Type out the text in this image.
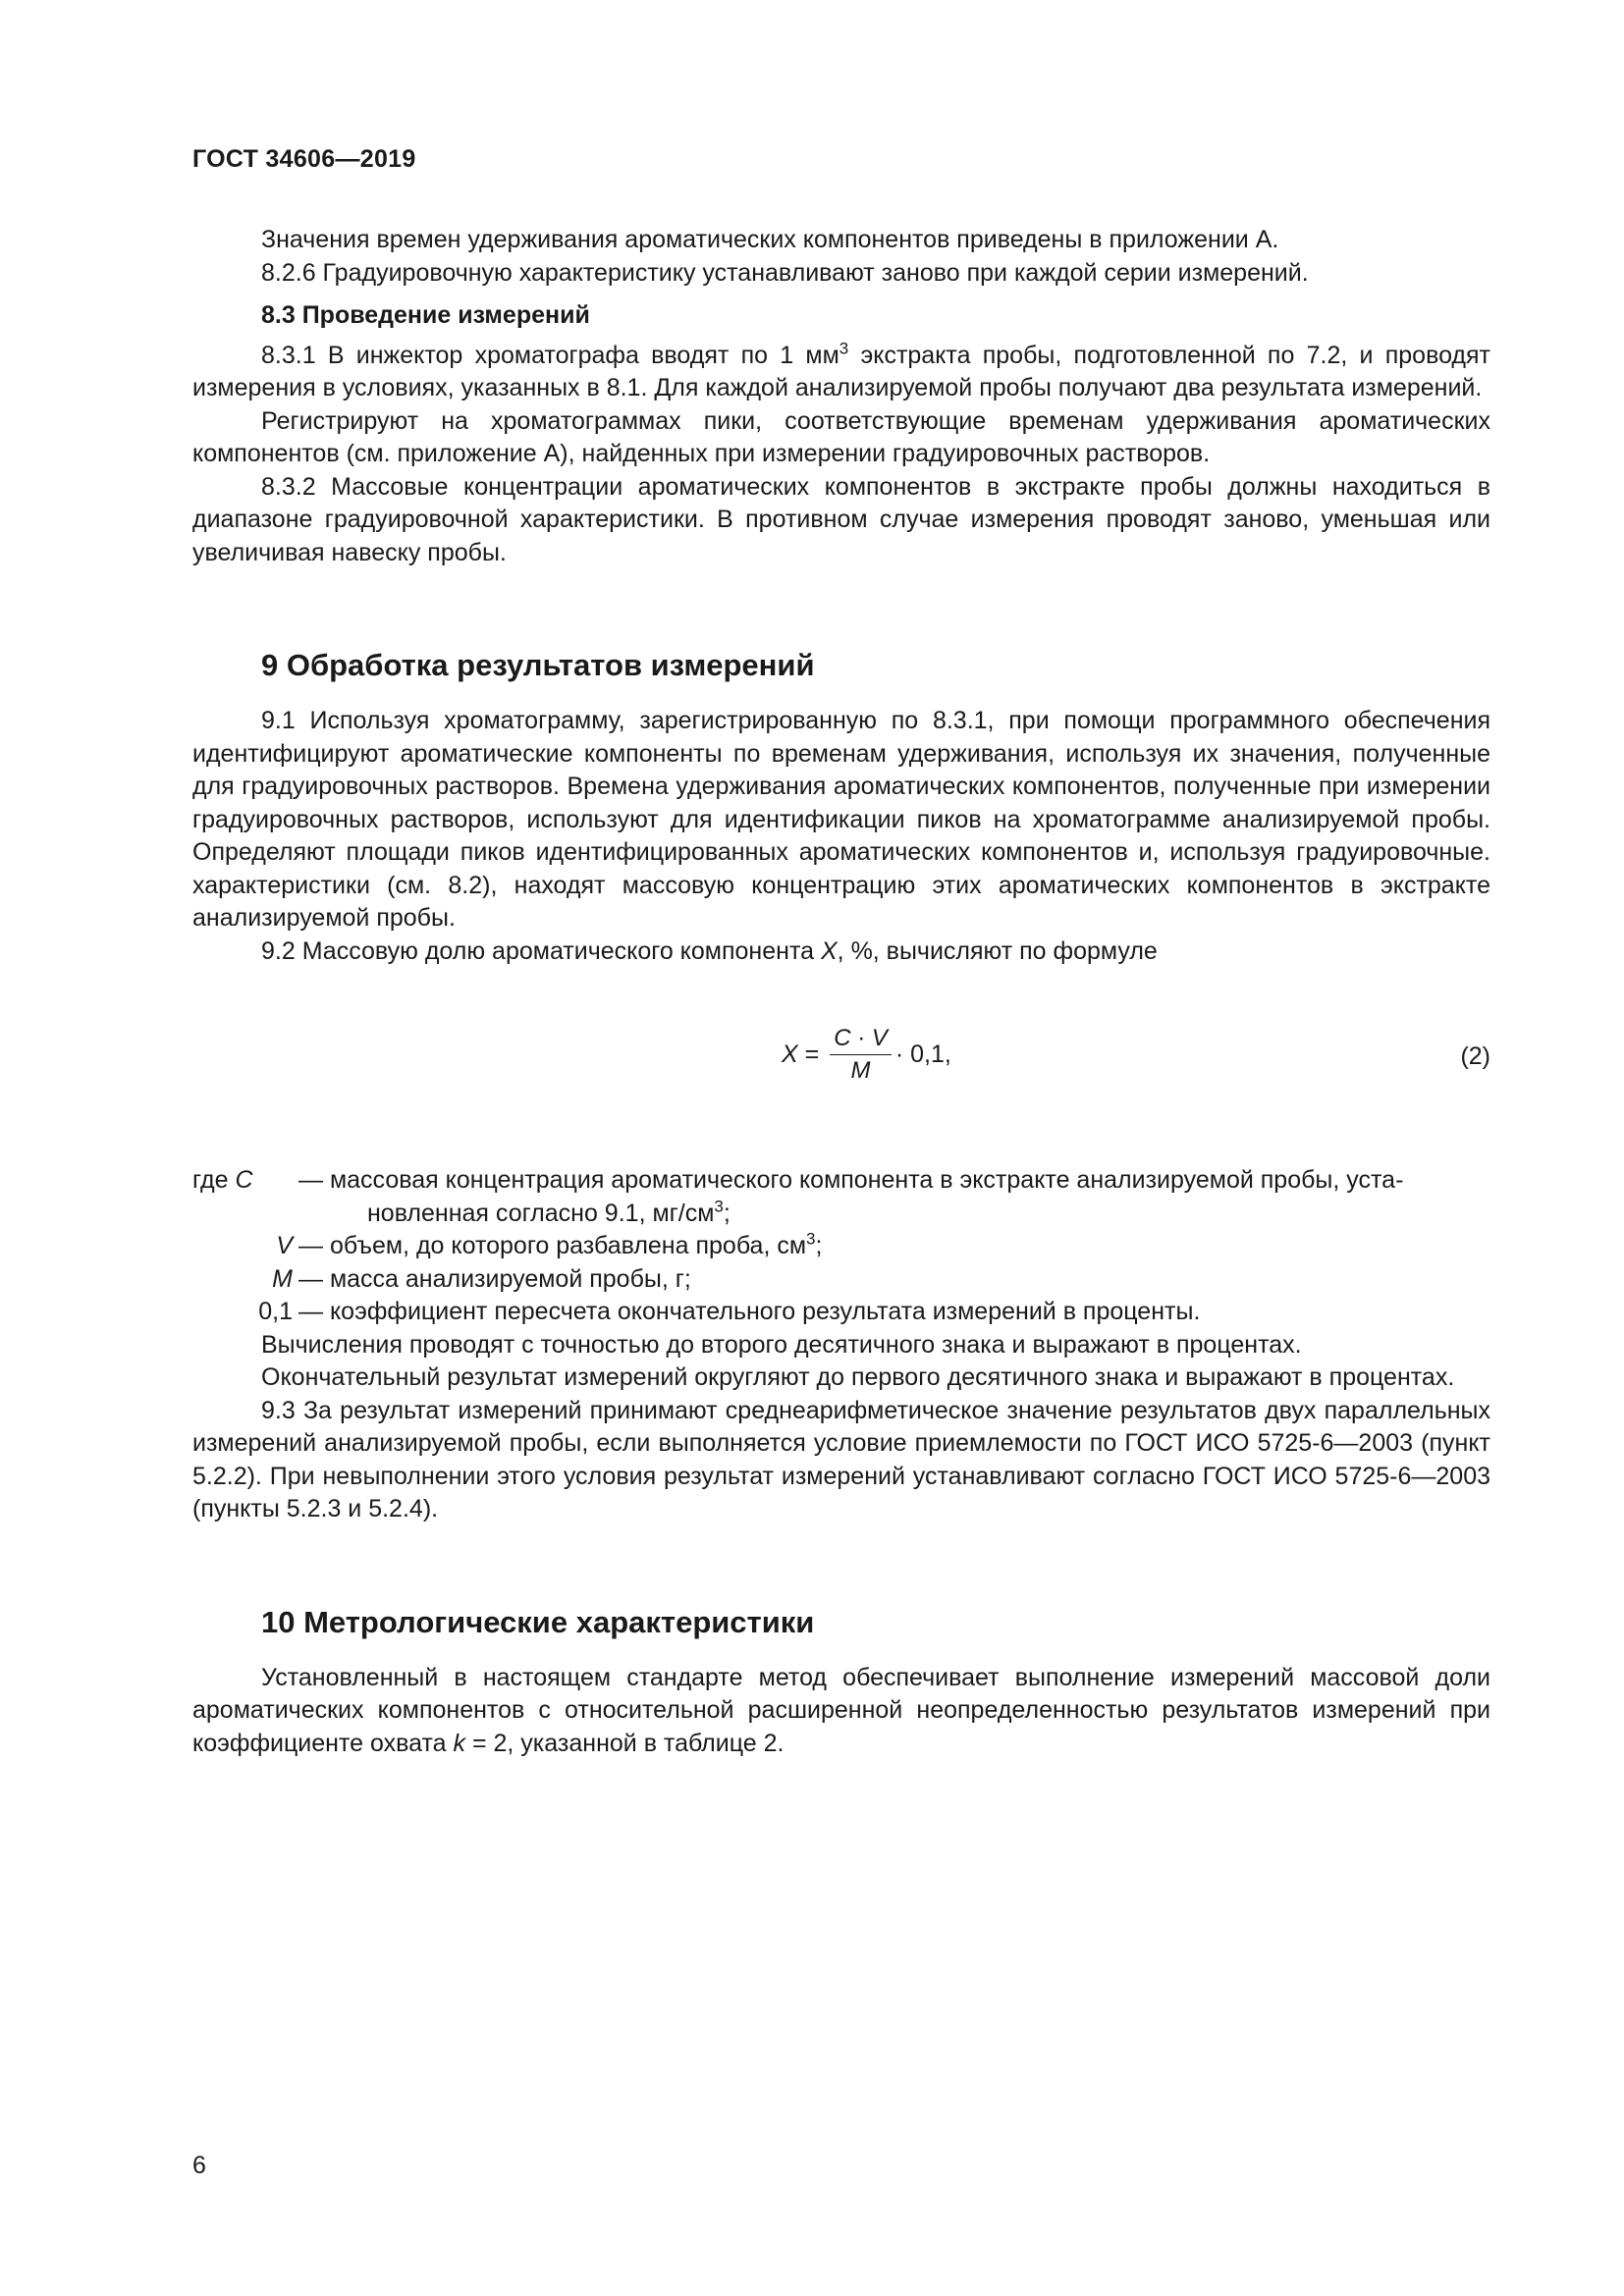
ГОСТ 34606—2019

Значения времен удерживания ароматических компонентов приведены в приложении А.

8.2.6 Градуировочную характеристику устанавливают заново при каждой серии измерений.

8.3 Проведение измерений

8.3.1 В инжектор хроматографа вводят по 1 $мм^3$ экстракта пробы, подготовленной по 7.2, и проводят измерения в условиях, указанных в 8.1. Для каждой анализируемой пробы получают два результата измерений.

Регистрируют на хроматограммах пики, соответствующие временам удерживания ароматических компонентов (см. приложение А), найденных при измерении градуировочных растворов.

8.3.2 Массовые концентрации ароматических компонентов в экстракте пробы должны находиться в диапазоне градуировочной характеристики. В противном случае измерения проводят заново, уменьшая или увеличивая навеску пробы.

9 Обработка результатов измерений

9.1 Используя хроматограмму, зарегистрированную по 8.3.1, при помощи программного обеспечения идентифицируют ароматические компоненты по временам удерживания, используя их значения, полученные для градуировочных растворов. Времена удерживания ароматических компонентов, полученные при измерении градуировочных растворов, используют для идентификации пиков на хроматограмме анализируемой пробы. Определяют площади пиков идентифицированных ароматических компонентов и, используя градуировочные. характеристики (см. 8.2), находят массовую концентрацию этих ароматических компонентов в экстракте анализируемой пробы.

9.2 Массовую долю ароматического компонента X, %, вычисляют по формуле

$X = \frac{C \cdot V}{M} \cdot 0,1$,	(2)
где C	— массовая концентрация ароматического компонента в экстракте анализируемой пробы, уста-
новленная согласно 9.1, $мг/см^3$;
V — объем, до которого разбавлена проба, $см^3$;
M — масса анализируемой пробы, г;
0,1 — коэффициент пересчета окончательного результата измерений в проценты.

Вычисления проводят с точностью до второго десятичного знака и выражают в процентах.

Окончательный результат измерений округляют до первого десятичного знака и выражают в процентах.

9.3 За результат измерений принимают среднеарифметическое значение результатов двух параллельных измерений анализируемой пробы, если выполняется условие приемлемости по ГОСТ ИСО 5725-6—2003 (пункт 5.2.2). При невыполнении этого условия результат измерений устанавливают согласно ГОСТ ИСО 5725-6—2003 (пункты 5.2.3 и 5.2.4).

10 Метрологические характеристики

Установленный в настоящем стандарте метод обеспечивает выполнение измерений массовой доли ароматических компонентов с относительной расширенной неопределенностью результатов измерений при коэффициенте охвата k = 2, указанной в таблице 2.

6
